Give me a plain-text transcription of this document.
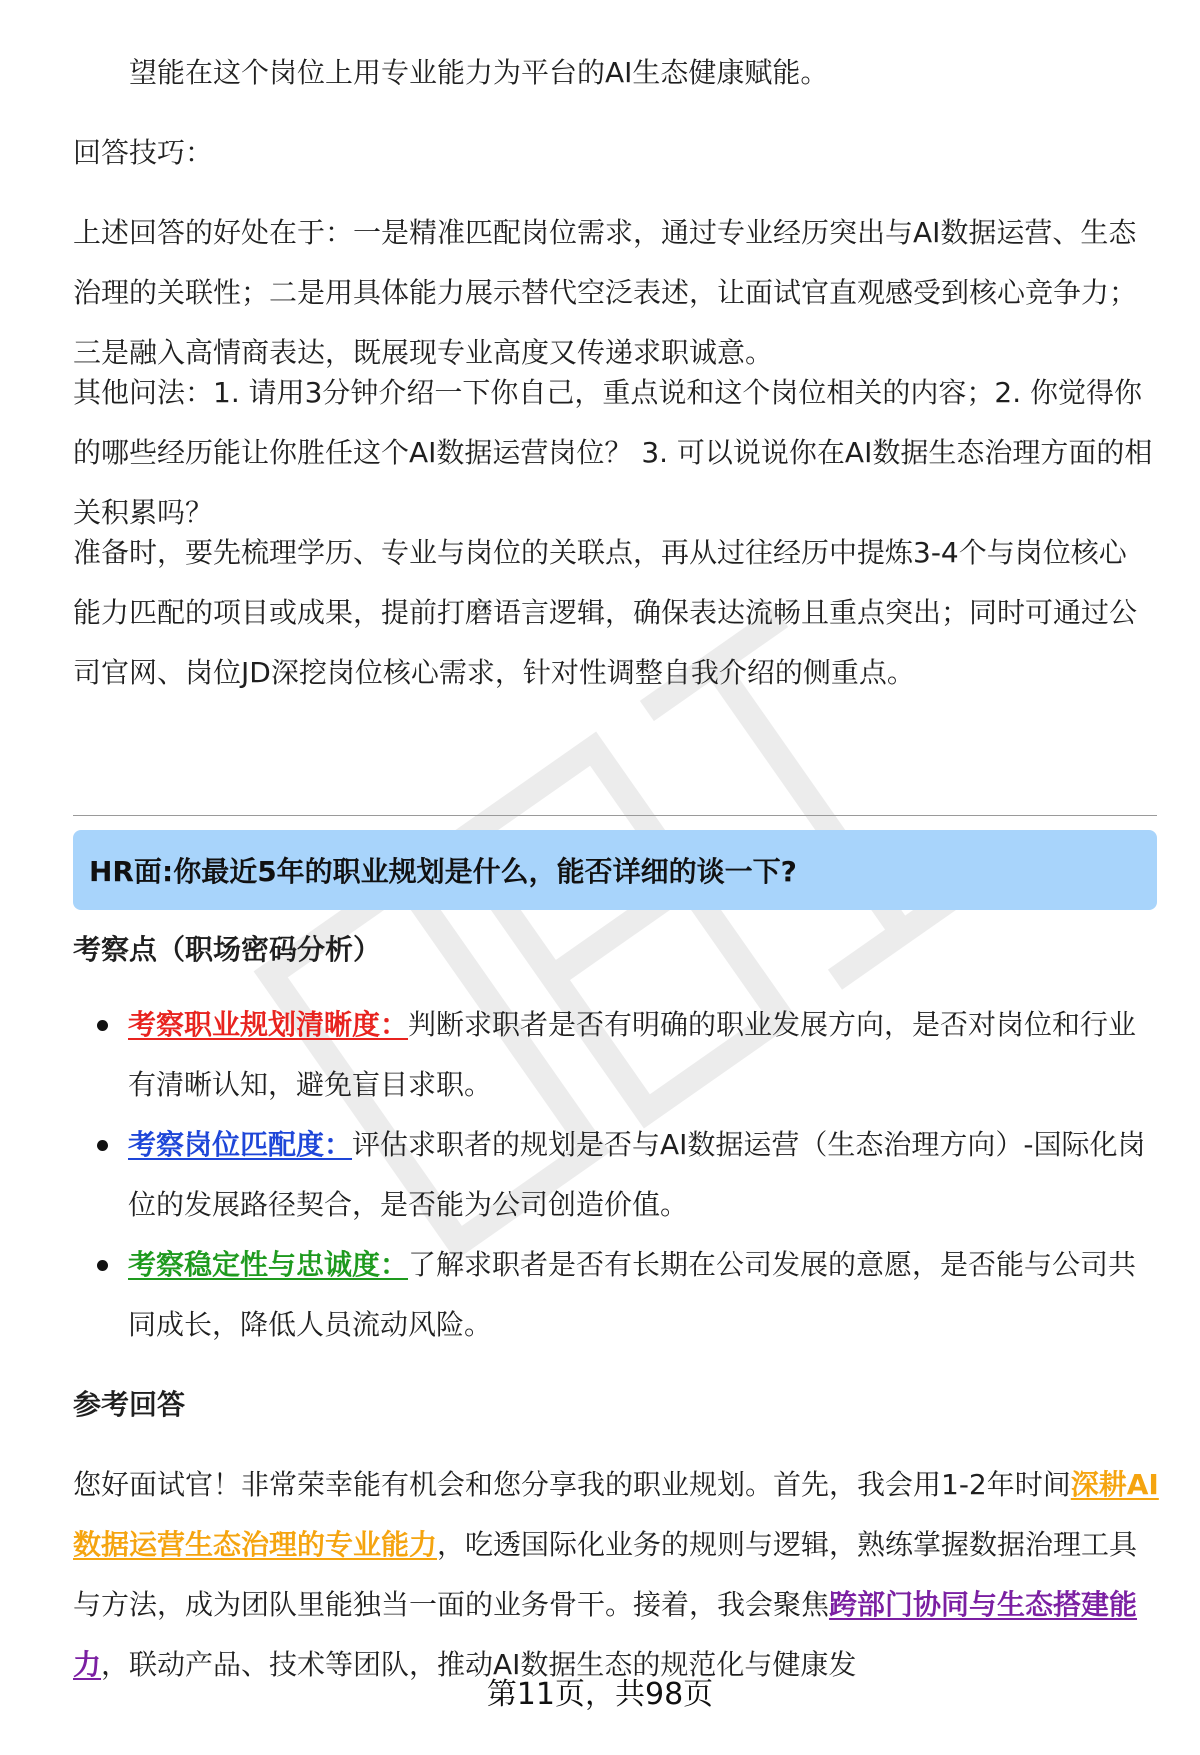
望能在这个岗位上用专业能力为平台的AI生态健康赋能。
回答技巧：
上述回答的好处在于：一是精准匹配岗位需求，通过专业经历突出与AI数据运营、生态治理的关联性；二是用具体能力展示替代空泛表述，让面试官直观感受到核心竞争力；三是融入高情商表达，既展现专业高度又传递求职诚意。
其他问法：1. 请用3分钟介绍一下你自己，重点说和这个岗位相关的内容；2. 你觉得你的哪些经历能让你胜任这个AI数据运营岗位？ 3. 可以说说你在AI数据生态治理方面的相关积累吗？
准备时，要先梳理学历、专业与岗位的关联点，再从过往经历中提炼3-4个与岗位核心能力匹配的项目或成果，提前打磨语言逻辑，确保表达流畅且重点突出；同时可通过公司官网、岗位JD深挖岗位核心需求，针对性调整自我介绍的侧重点。
HR面:你最近5年的职业规划是什么，能否详细的谈一下?
考察点（职场密码分析）
考察职业规划清晰度：判断求职者是否有明确的职业发展方向，是否对岗位和行业有清晰认知，避免盲目求职。
考察岗位匹配度：评估求职者的规划是否与AI数据运营（生态治理方向）-国际化岗位的发展路径契合，是否能为公司创造价值。
考察稳定性与忠诚度：了解求职者是否有长期在公司发展的意愿，是否能与公司共同成长，降低人员流动风险。
参考回答
您好面试官！非常荣幸能有机会和您分享我的职业规划。首先，我会用1-2年时间深耕AI数据运营生态治理的专业能力，吃透国际化业务的规则与逻辑，熟练掌握数据治理工具与方法，成为团队里能独当一面的业务骨干。接着，我会聚焦跨部门协同与生态搭建能力，联动产品、技术等团队，推动AI数据生态的规范化与健康发
第11页，共98页
